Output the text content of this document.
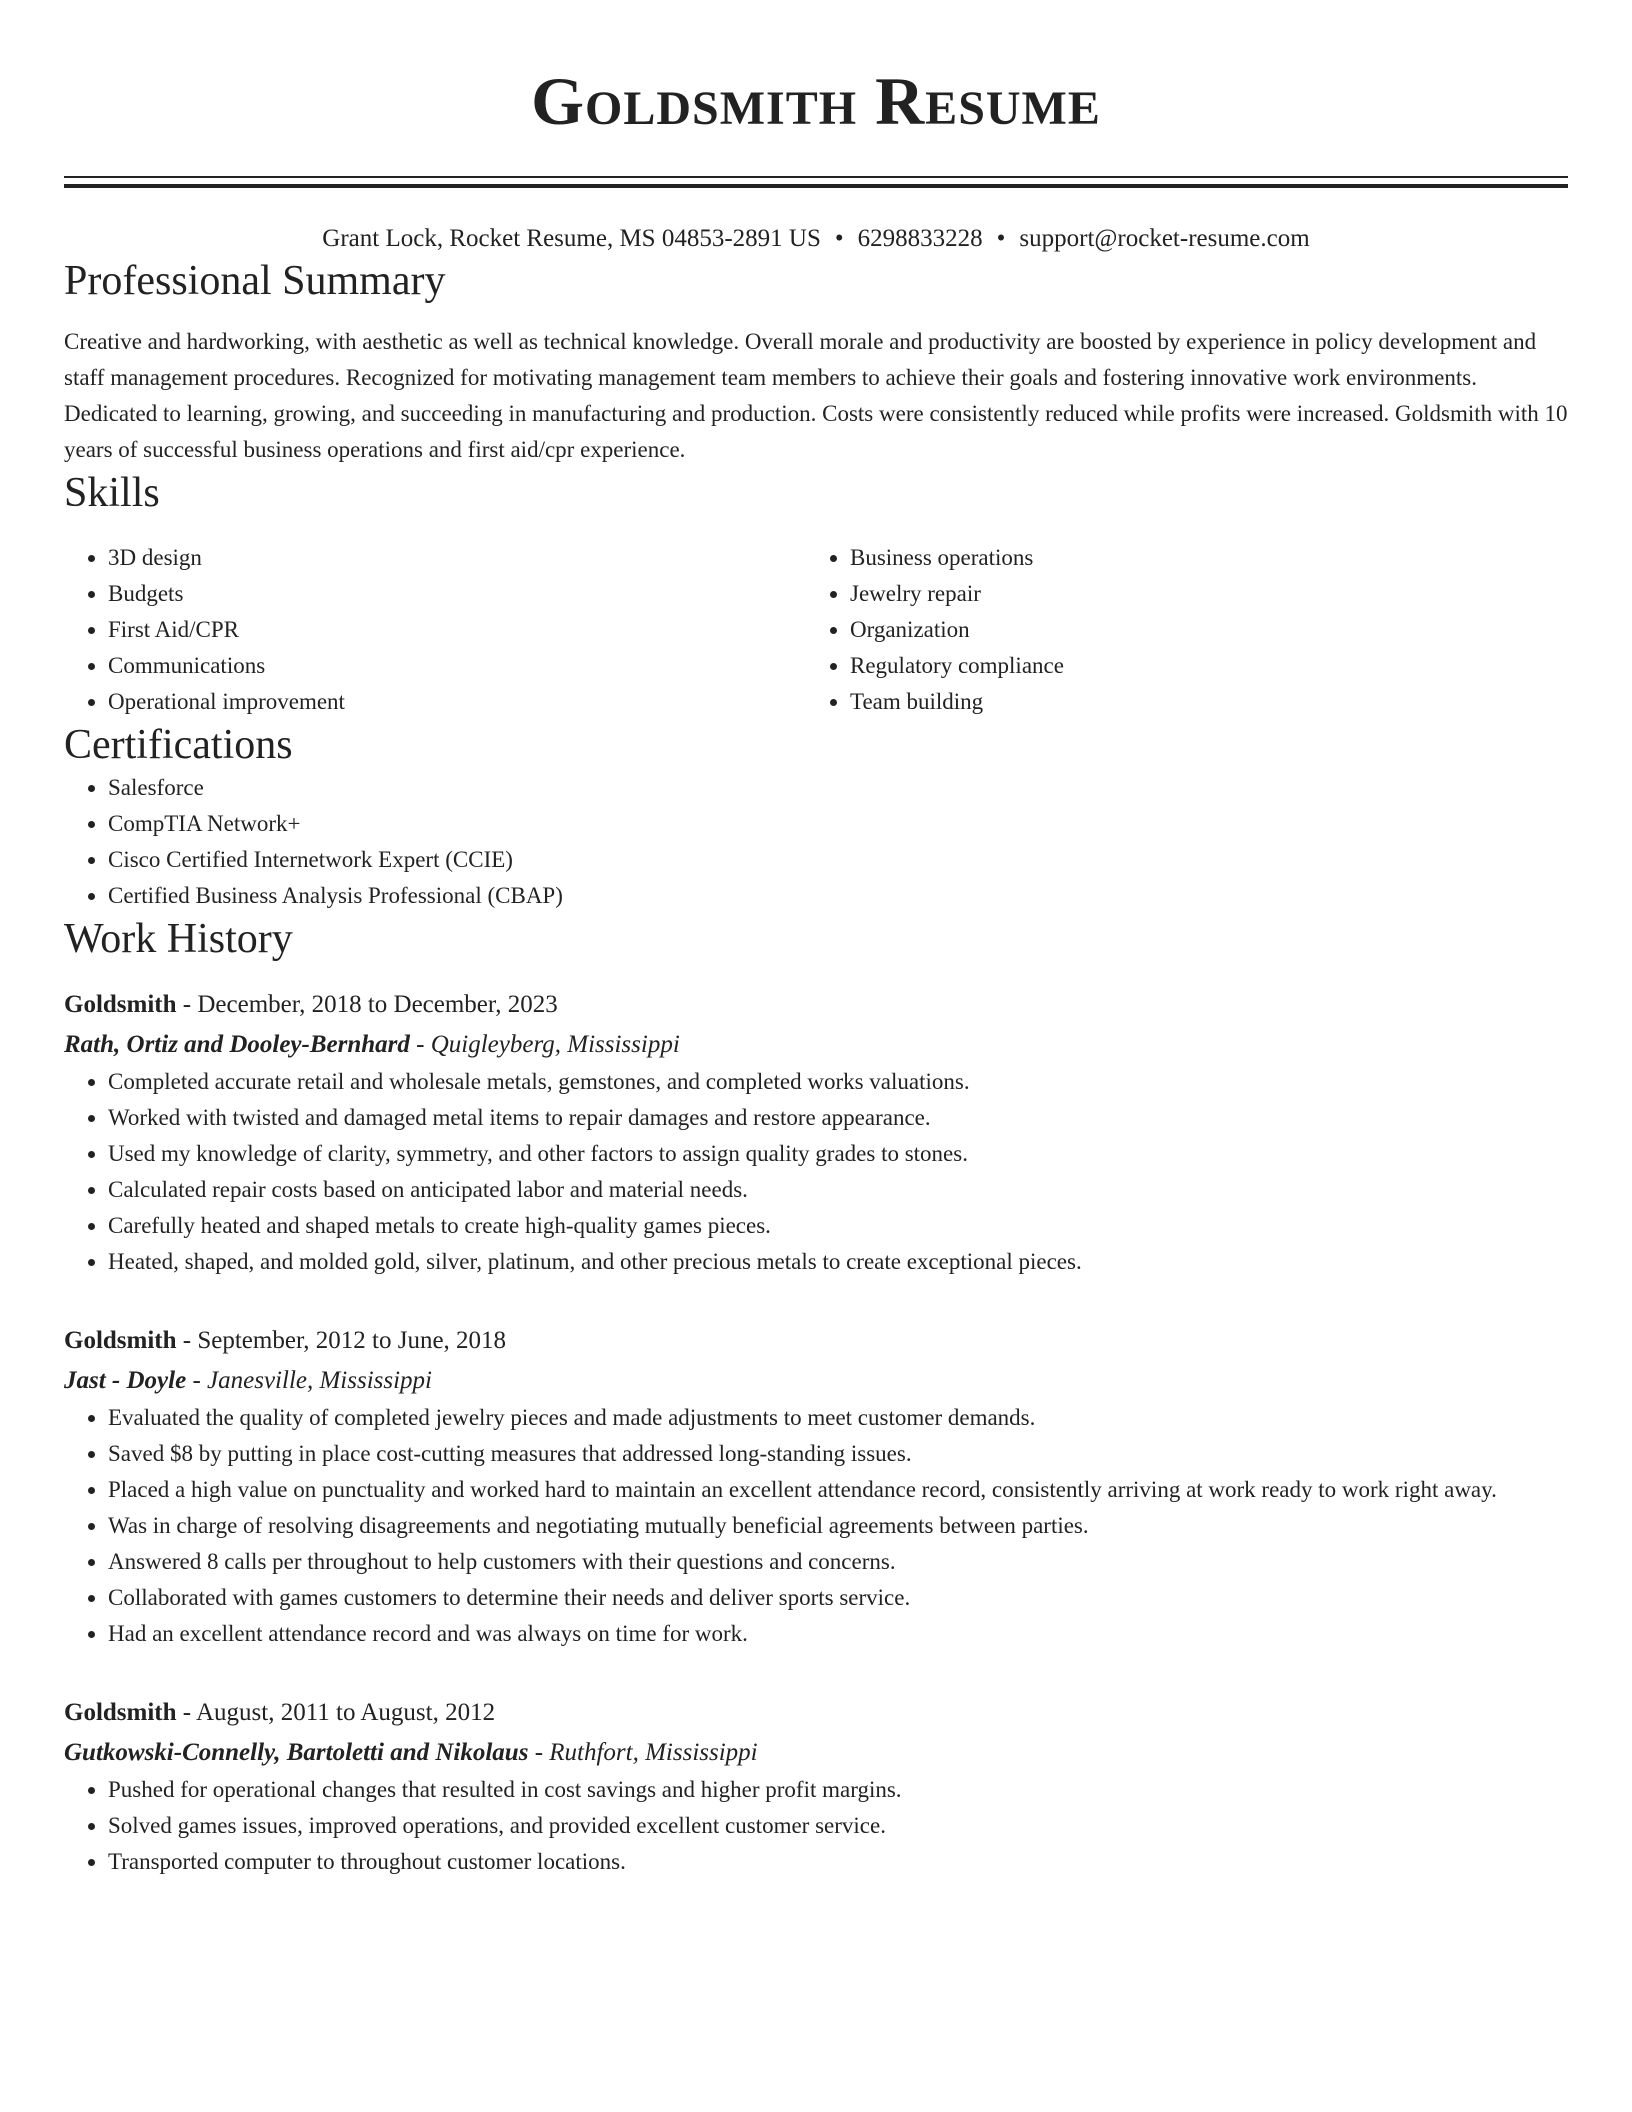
Goldsmith Resume
Grant Lock, Rocket Resume, MS 04853-2891 US • 6298833228 • support@rocket-resume.com
Professional Summary
Creative and hardworking, with aesthetic as well as technical knowledge. Overall morale and productivity are boosted by experience in policy development and staff management procedures. Recognized for motivating management team members to achieve their goals and fostering innovative work environments. Dedicated to learning, growing, and succeeding in manufacturing and production. Costs were consistently reduced while profits were increased. Goldsmith with 10 years of successful business operations and first aid/cpr experience.
Skills
• 3D design
• Budgets
• First Aid/CPR
• Communications
• Operational improvement
• Business operations
• Jewelry repair
• Organization
• Regulatory compliance
• Team building
Certifications
• Salesforce
• CompTIA Network+
• Cisco Certified Internetwork Expert (CCIE)
• Certified Business Analysis Professional (CBAP)
Work History
Goldsmith - December, 2018 to December, 2023
Rath, Ortiz and Dooley-Bernhard - Quigleyberg, Mississippi
• Completed accurate retail and wholesale metals, gemstones, and completed works valuations.
• Worked with twisted and damaged metal items to repair damages and restore appearance.
• Used my knowledge of clarity, symmetry, and other factors to assign quality grades to stones.
• Calculated repair costs based on anticipated labor and material needs.
• Carefully heated and shaped metals to create high-quality games pieces.
• Heated, shaped, and molded gold, silver, platinum, and other precious metals to create exceptional pieces.
Goldsmith - September, 2012 to June, 2018
Jast - Doyle - Janesville, Mississippi
• Evaluated the quality of completed jewelry pieces and made adjustments to meet customer demands.
• Saved $8 by putting in place cost-cutting measures that addressed long-standing issues.
• Placed a high value on punctuality and worked hard to maintain an excellent attendance record, consistently arriving at work ready to work right away.
• Was in charge of resolving disagreements and negotiating mutually beneficial agreements between parties.
• Answered 8 calls per throughout to help customers with their questions and concerns.
• Collaborated with games customers to determine their needs and deliver sports service.
• Had an excellent attendance record and was always on time for work.
Goldsmith - August, 2011 to August, 2012
Gutkowski-Connelly, Bartoletti and Nikolaus - Ruthfort, Mississippi
• Pushed for operational changes that resulted in cost savings and higher profit margins.
• Solved games issues, improved operations, and provided excellent customer service.
• Transported computer to throughout customer locations.
